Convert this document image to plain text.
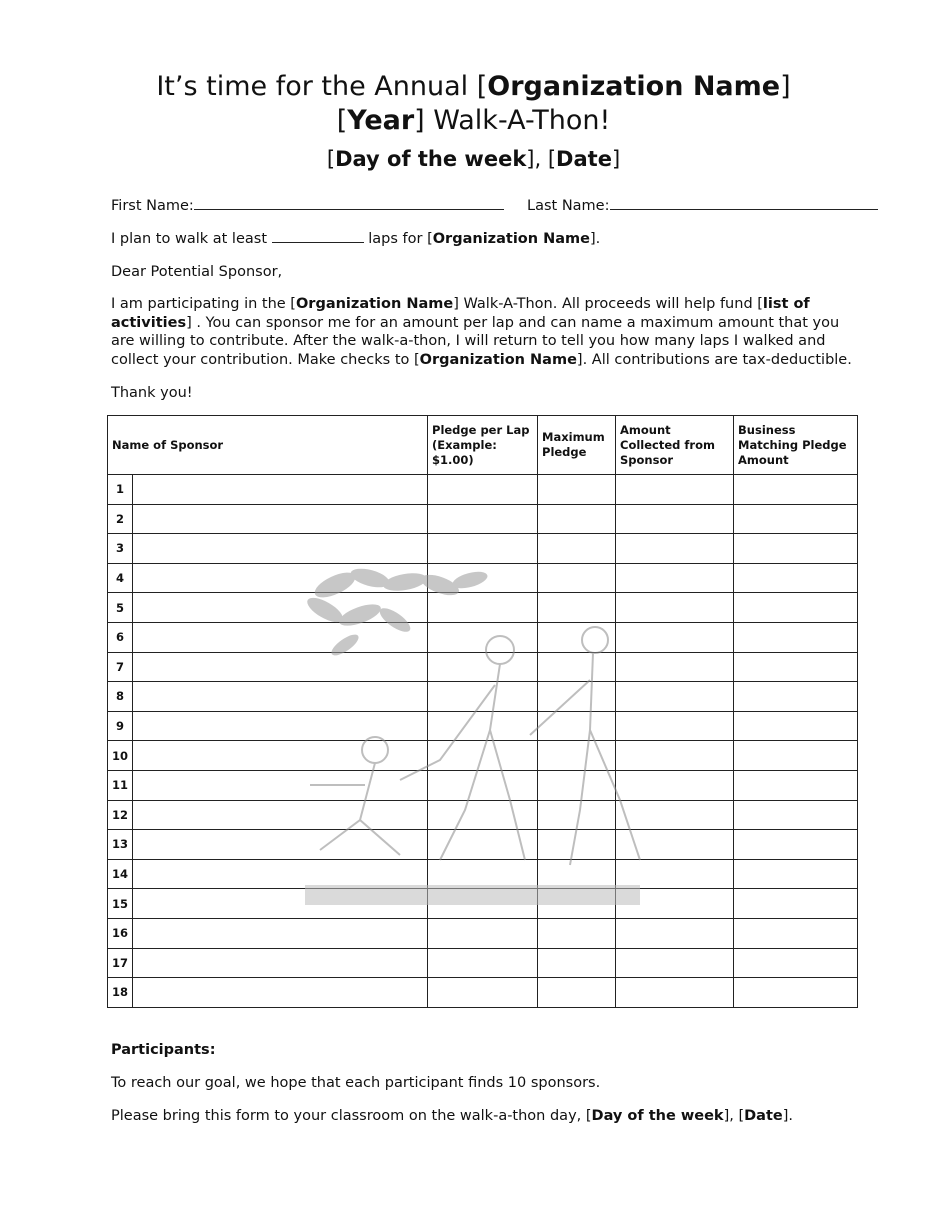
It’s time for the Annual [Organization Name]
[Year] Walk-A-Thon!
[Day of the week], [Date]
First Name:	Last Name:
I plan to walk at least	laps for [Organization Name].
Dear Potential Sponsor,
I am participating in the [Organization Name] Walk-A-Thon. All proceeds will help fund [list of activities] . You can sponsor me for an amount per lap and can name a maximum amount that you are willing to contribute. After the walk-a-thon, I will return to tell you how many laps I walked and collect your contribution. Make checks to [Organization Name]. All contributions are tax-deductible.
Thank you!
Name of Sponsor		Pledge per Lap (Example: $1.00)	Maximum Pledge	Amount Collected from Sponsor	Business Matching Pledge Amount
1					
2					
3					
4					
5					
6					
7					
8					
9					
10					
11					
12					
13					
14					
15					
16					
17					
18					
Participants:
To reach our goal, we hope that each participant finds 10 sponsors.
Please bring this form to your classroom on the walk-a-thon day, [Day of the week], [Date].
